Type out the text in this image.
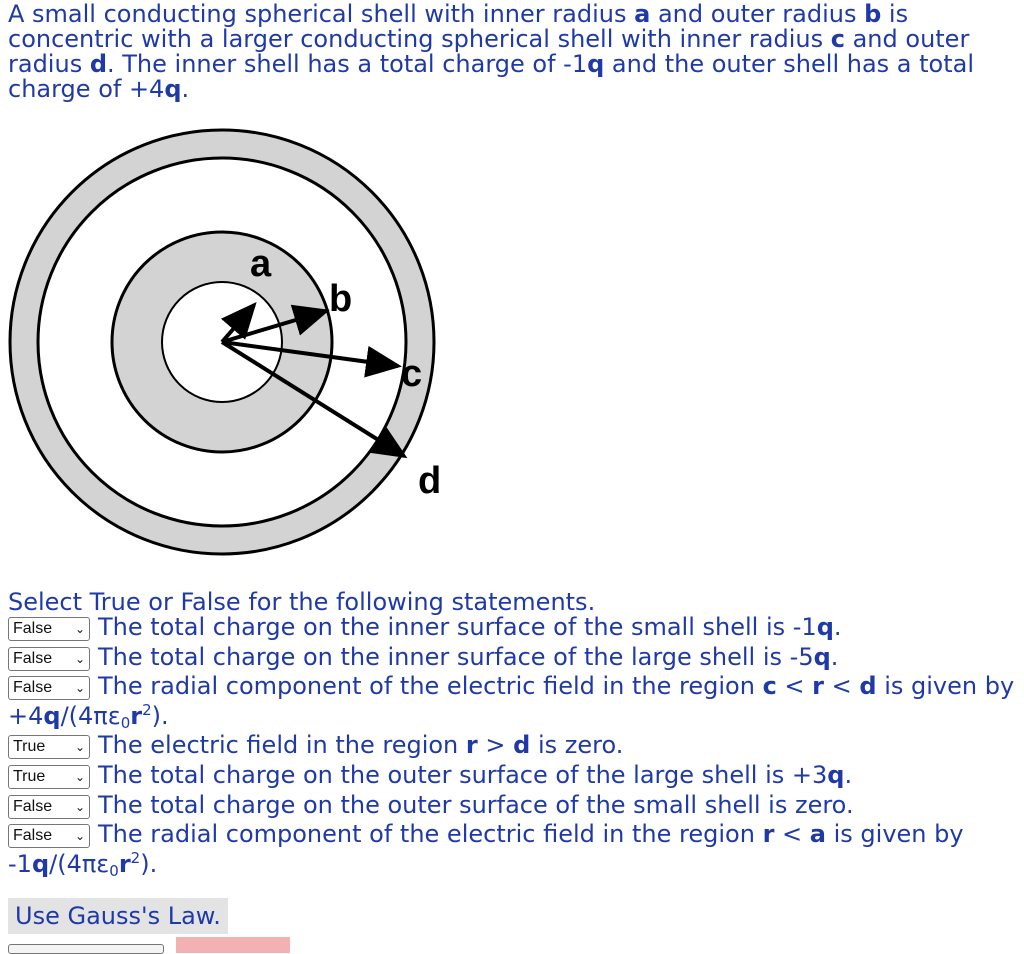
A small conducting spherical shell with inner radius a and outer radius b is concentric with a larger conducting spherical shell with inner radius c and outer radius d. The inner shell has a total charge of -1q and the outer shell has a total charge of +4q.
a
b
c
d
Select True or False for the following statements.
False ⌄ The total charge on the inner surface of the small shell is -1q.
False ⌄ The total charge on the inner surface of the large shell is -5q.
False ⌄ The radial component of the electric field in the region c < r < d is given by $+4q/(4\pi\varepsilon_0r^2)$.
True ⌄ The electric field in the region r > d is zero.
True ⌄ The total charge on the outer surface of the large shell is +3q.
False ⌄ The total charge on the outer surface of the small shell is zero.
False ⌄ The radial component of the electric field in the region r < a is given by $-1q/(4\pi\varepsilon_0r^2)$.
Use Gauss's Law.
